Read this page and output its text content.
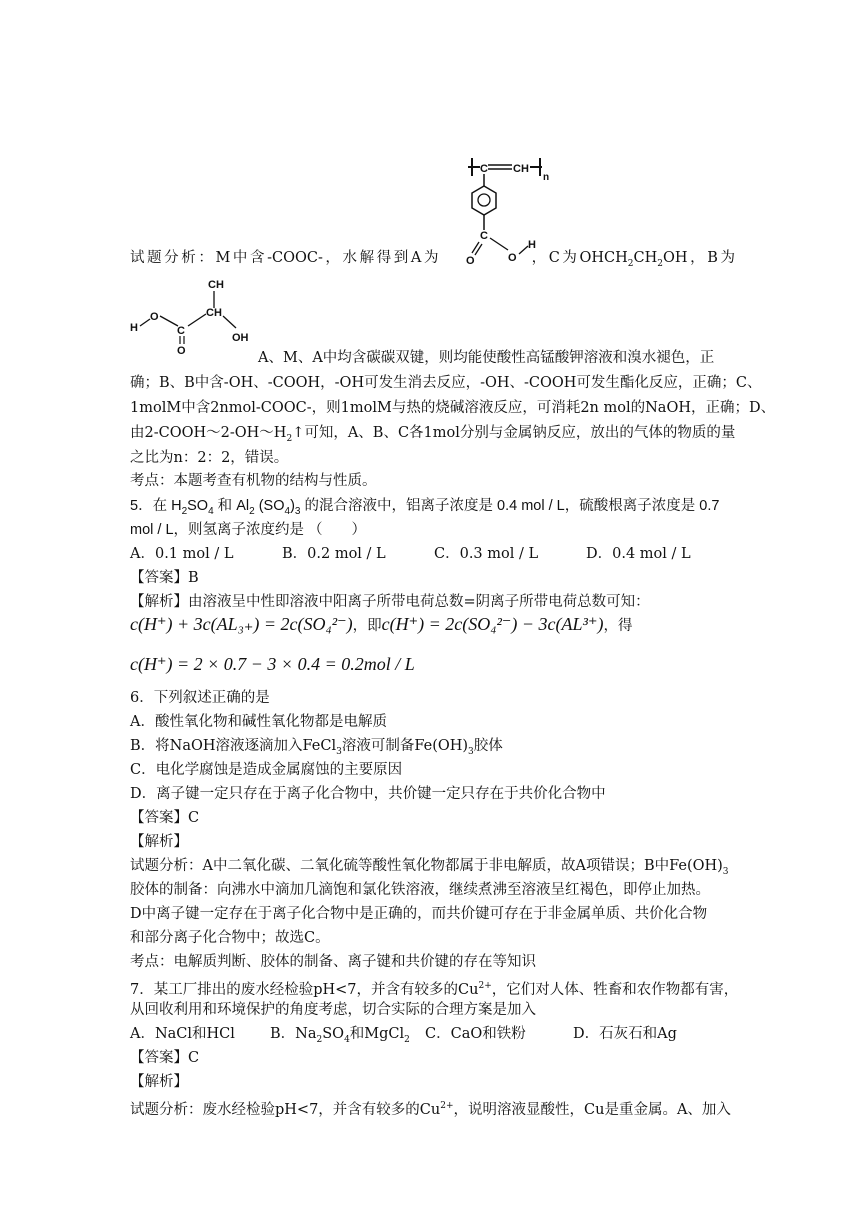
C CH
n
C
O	O
H
试题分析：M中含-COOC-，水解得到A为	，C为$OHCH_2CH_2OH$，B为
CH
H
O
C
O
CH
OH
A、M、A中均含碳碳双键，则均能使酸性高锰酸钾溶液和溴水褪色，正
确；B、B中含-OH、-COOH，-OH可发生消去反应，-OH、-COOH可发生酯化反应，正确；C、
1molM中含2nmol-COOC-，则1molM与热的烧碱溶液反应，可消耗2n mol的NaOH，正确；D、
由$2-COOH\sim 2-OH\sim H_2↑$可知，A、B、C各1mol分别与金属钠反应，放出的气体的物质的量
之比为n：2：2，错误。
考点：本题考查有机物的结构与性质。
5．在 $H_2SO_4$ 和 $Al_2$ $(SO_4)_3$ 的混合溶液中，铝离子浓度是 0.4 mol / L，硫酸根离子浓度是 0.7
mol / L，则氢离子浓度约是 （　　）
A．0.1 mol / L	B．0.2 mol / L	C．0.3 mol / L	D．0.4 mol / L
【答案】B
【解析】由溶液呈中性即溶液中阳离子所带电荷总数=阴离子所带电荷总数可知：
c(H⁺) + 3c(AL₃₊) = 2c(SO₄²⁻)，即c(H⁺) = 2c(SO₄²⁻) − 3c(AL³⁺)，得
c(H⁺) = 2 × 0.7 − 3 × 0.4 = 0.2mol / L
6．下列叙述正确的是
A．酸性氧化物和碱性氧化物都是电解质
B．将NaOH溶液逐滴加入FeCl$_3$溶液可制备$Fe(OH)_3$胶体
C．电化学腐蚀是造成金属腐蚀的主要原因
D．离子键一定只存在于离子化合物中，共价键一定只存在于共价化合物中
【答案】C
【解析】
试题分析：A中二氧化碳、二氧化硫等酸性氧化物都属于非电解质，故A项错误；B中$Fe(OH)_3$
胶体的制备：向沸水中滴加几滴饱和氯化铁溶液，继续煮沸至溶液呈红褐色，即停止加热。
D中离子键一定存在于离子化合物中是正确的，而共价键可存在于非金属单质、共价化合物
和部分离子化合物中；故选C。
考点：电解质判断、胶体的制备、离子键和共价键的存在等知识
7．某工厂排出的废水经检验pH<7，并含有较多的$Cu^{2+}$，它们对人体、牲畜和农作物都有害，
从回收利用和环境保护的角度考虑，切合实际的合理方案是加入
A．NaCl和HCl B．$Na_2SO_4$和MgCl$_2$ C．CaO和铁粉	D．石灰石和Ag
【答案】C
【解析】
试题分析：废水经检验pH<7，并含有较多的$Cu^{2+}$，说明溶液显酸性，Cu是重金属。A、加入
